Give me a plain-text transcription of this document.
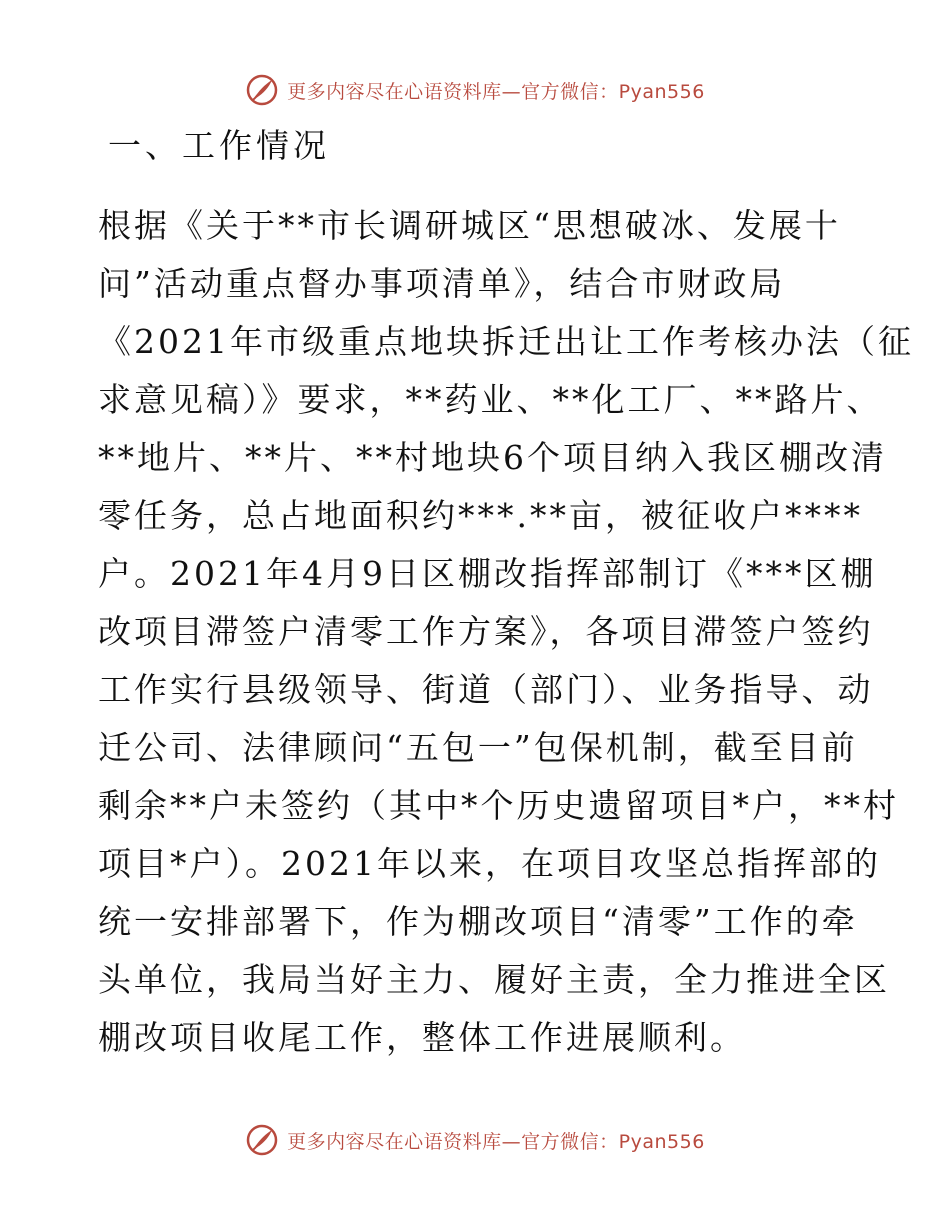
更多内容尽在心语资料库—官方微信：Pyan556
一、工作情况
根据《关于**市长调研城区“思想破冰、发展十
问”活动重点督办事项清单》，结合市财政局
《2021年市级重点地块拆迁出让工作考核办法（征
求意见稿）》要求，**药业、**化工厂、**路片、
**地片、**片、**村地块6个项目纳入我区棚改清
零任务，总占地面积约***.**亩，被征收户****
户。2021年4月9日区棚改指挥部制订《***区棚
改项目滞签户清零工作方案》，各项目滞签户签约
工作实行县级领导、街道（部门）、业务指导、动
迁公司、法律顾问“五包一”包保机制，截至目前
剩余**户未签约（其中*个历史遗留项目*户，**村
项目*户）。2021年以来，在项目攻坚总指挥部的
统一安排部署下，作为棚改项目“清零”工作的牵
头单位，我局当好主力、履好主责，全力推进全区
棚改项目收尾工作，整体工作进展顺利。
更多内容尽在心语资料库—官方微信：Pyan556
